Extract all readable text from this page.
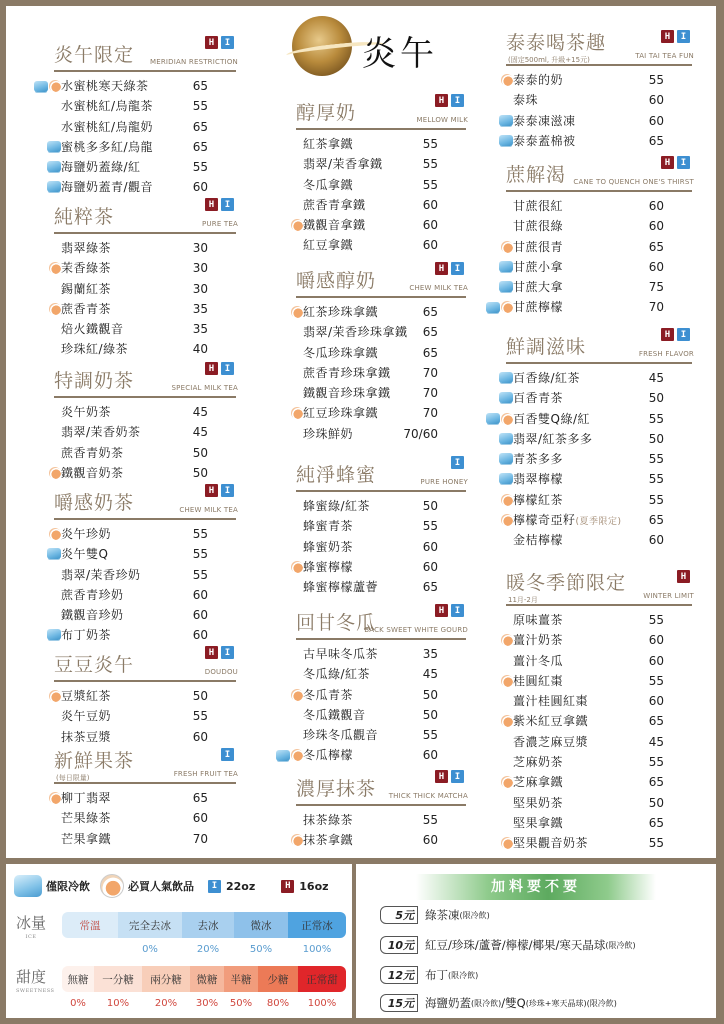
炎午
炎午限定 MERIDIAN RESTRICTION
H	I
水蜜桃寒天綠茶	65
水蜜桃紅/烏龍茶	55
水蜜桃紅/烏龍奶	65
蜜桃多多紅/烏龍	65
海鹽奶蓋綠/紅	55
海鹽奶蓋青/觀音	60
純粹茶	PURE TEA
H	I
翡翠綠茶	30
茉香綠茶	30
錫蘭紅茶	30
蔗香青茶	35
焙火鐵觀音	35
珍珠紅/綠茶	40
特調奶茶	SPECIAL MILK TEA
H	I
炎午奶茶	45
翡翠/茉香奶茶	45
蔗香青奶茶	50
鐵觀音奶茶	50
嚼感奶茶	CHEW MILK TEA
H	I
炎午珍奶	55
炎午雙Q	55
翡翠/茉香珍奶	55
蔗香青珍奶	60
鐵觀音珍奶	60
布丁奶茶	60
豆豆炎午	DOUDOU
H	I
豆漿紅茶	50
炎午豆奶	55
抹茶豆漿	60
新鮮果茶
(每日限量)	FRESH FRUIT TEA
I
柳丁翡翠	65
芒果綠茶	60
芒果拿鐵	70
醇厚奶	MELLOW MILK
H	I
紅茶拿鐵	55
翡翠/茉香拿鐵	55
冬瓜拿鐵	55
蔗香青拿鐵	60
鐵觀音拿鐵	60
紅豆拿鐵	60
嚼感醇奶	CHEW MILK TEA
H	I
紅茶珍珠拿鐵	65
翡翠/茉香珍珠拿鐵 65
冬瓜珍珠拿鐵	65
蔗香青珍珠拿鐵	70
鐵觀音珍珠拿鐵	70
紅豆珍珠拿鐵	70
珍珠鮮奶	70/60
純淨蜂蜜	PURE HONEY
I
蜂蜜綠/紅茶	50
蜂蜜青茶	55
蜂蜜奶茶	60
蜂蜜檸檬	60
蜂蜜檸檬蘆薈	65
回甘冬瓜
BACK SWEET WHITE GOURD
H	I
古早味冬瓜茶	35
冬瓜綠/紅茶	45
冬瓜青茶	50
冬瓜鐵觀音	50
珍珠冬瓜觀音	55
冬瓜檸檬	60
濃厚抹茶 THICK THICK MATCHA
H	I
抹茶綠茶	55
抹茶拿鐵	60
泰泰喝茶趣
(固定500ml, 升級+15元)	TAI TAI TEA FUN
H	I
泰泰的奶	55
泰珠	60
泰泰凍滋凍	60
泰泰蓋棉被	65
蔗解渴 CANE TO QUENCH ONE'S THIRST
H	I
甘蔗很紅	60
甘蔗很綠	60
甘蔗很青	65
甘蔗小拿	60
甘蔗大拿	75
甘蔗檸檬	70
鮮調滋味	FRESH FLAVOR
H	I
百香綠/紅茶	45
百香青茶	50
百香雙Q綠/紅	55
翡翠/紅茶多多	50
青茶多多	55
翡翠檸檬	55
檸檬紅茶	55
檸檬奇亞籽(夏季限定) 65
金桔檸檬	60
暖冬季節限定
11月-2月	WINTER LIMIT
H
原味薑茶	55
薑汁奶茶	60
薑汁冬瓜	60
桂圓紅棗	55
薑汁桂圓紅棗	60
紫米紅豆拿鐵	65
香濃芝麻豆漿	45
芝麻奶茶	55
芝麻拿鐵	65
堅果奶茶	50
堅果拿鐵	65
堅果觀音奶茶	55
僅限冷飲	必買人氣飲品	I 22oz	H 16oz
冰量
ICE
常溫	完全去冰	去冰	微冰	正常冰
0%	20%	50%	100%
甜度
SWEETNESS
無糖	一分糖	兩分糖	微糖	半糖	少糖	正常甜
0%	10%	20%	30%	50%	80%	100%
加料要不要
5元 綠茶凍 (限冷飲)
10元 紅豆/珍珠/蘆薈/檸檬/椰果/寒天晶球 (限冷飲)
12元 布丁 (限冷飲)
15元 海鹽奶蓋 (限冷飲) /雙Q (珍珠+寒天晶球)(限冷飲)
